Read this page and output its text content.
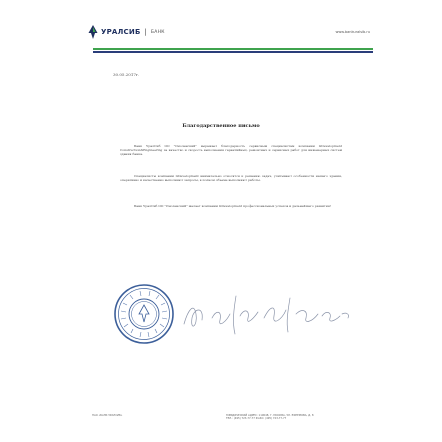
УРАЛСИБ | БАНК	www.bankuralsib.ru
30.05.2017г.
Благодарственное письмо
Банк УралСиб ОО "Смоленский" выражает благодарность сервисным специалистам компании GDevelopment Construction&Engineering за качество и скорость выполнения гарантийных, ремонтных и сервисных работ для инженерных систем здания банка.
Специалисты компании GDevelopment внимательно относятся к решению задач, учитывают особенности нашего здания, оперативно и качественно выполняют запросы, в полном объеме выполняют работы.
Банк УралСиб ОО "Смоленский" желает компании GDevelopment профессиональных успехов и дальнейшего развития!
ПАО «БАНК УРАЛСИБ»	ЮРИДИЧЕСКИЙ АДРЕС: 119048, Г. МОСКВА, УЛ. ЕФРЕМОВА, Д. 8
ТЕЛ.: (495) 723-77-77 ФАКС: (495) 723-77-77
